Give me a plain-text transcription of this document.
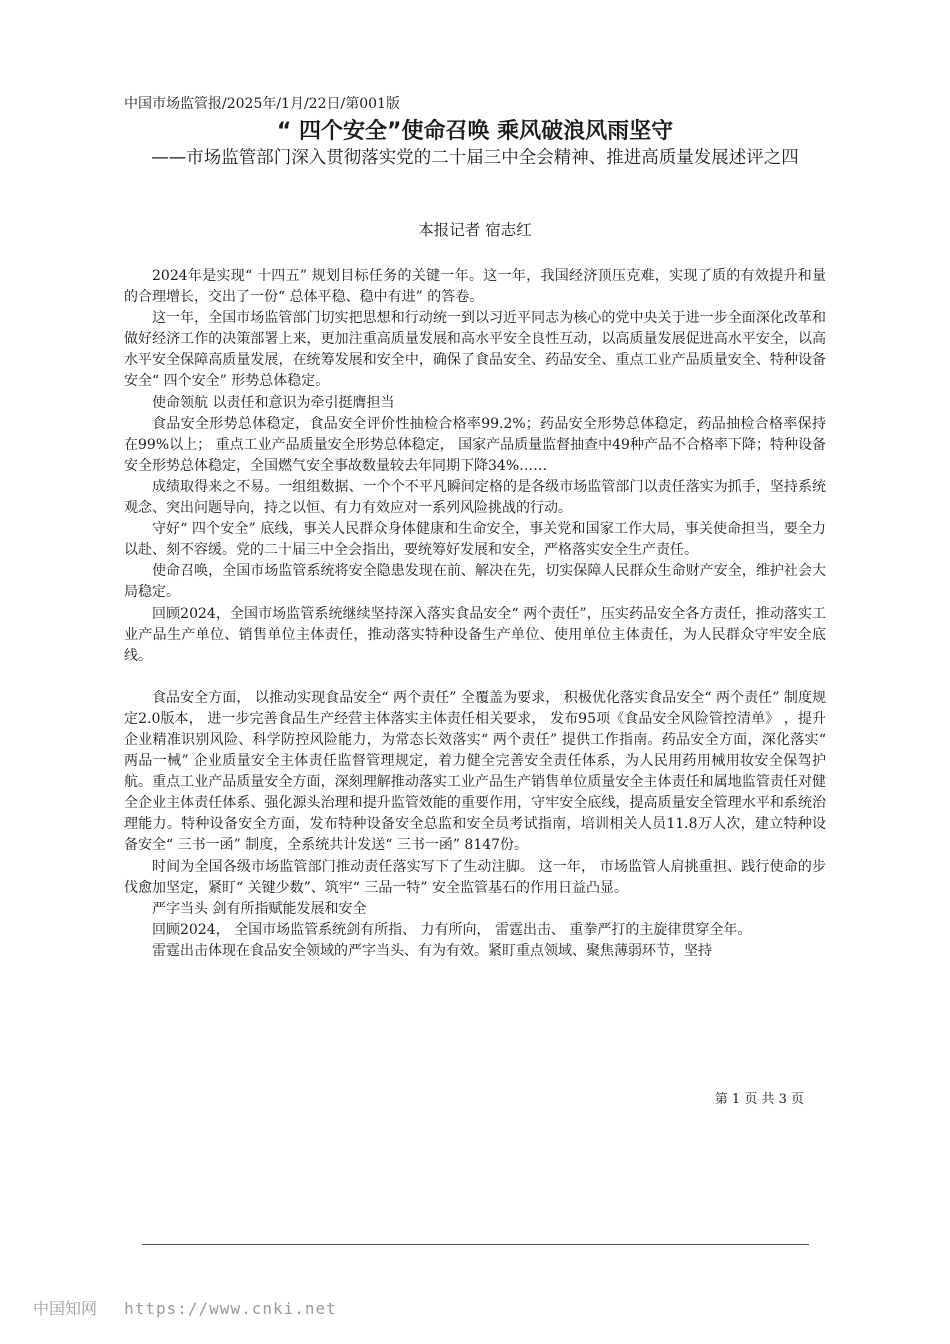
中国市场监管报/2025年/1月/22日/第001版
“ 四个安全”使命召唤 乘风破浪风雨坚守
——市场监管部门深入贯彻落实党的二十届三中全会精神、推进高质量发展述评之四
本报记者 宿志红

2024年是实现“ 十四五” 规划目标任务的关键一年。这一年，我国经济顶压克难，实现了质的有效提升和量的合理增长，交出了一份“ 总体平稳、稳中有进” 的答卷。

这一年，全国市场监管部门切实把思想和行动统一到以习近平同志为核心的党中央关于进一步全面深化改革和做好经济工作的决策部署上来，更加注重高质量发展和高水平安全良性互动，以高质量发展促进高水平安全，以高水平安全保障高质量发展，在统筹发展和安全中，确保了食品安全、药品安全、重点工业产品质量安全、特种设备安全“ 四个安全” 形势总体稳定。

使命领航 以责任和意识为牵引挺膺担当

食品安全形势总体稳定，食品安全评价性抽检合格率99.2%；药品安全形势总体稳定，药品抽检合格率保持在99%以上； 重点工业产品质量安全形势总体稳定， 国家产品质量监督抽查中49种产品不合格率下降；特种设备安全形势总体稳定，全国燃气安全事故数量较去年同期下降34%……

成绩取得来之不易。一组组数据、一个个不平凡瞬间定格的是各级市场监管部门以责任落实为抓手，坚持系统观念、突出问题导向，持之以恒、有力有效应对一系列风险挑战的行动。

守好“ 四个安全” 底线，事关人民群众身体健康和生命安全，事关党和国家工作大局，事关使命担当，要全力以赴、刻不容缓。党的二十届三中全会指出，要统筹好发展和安全，严格落实安全生产责任。

使命召唤，全国市场监管系统将安全隐患发现在前、解决在先，切实保障人民群众生命财产安全，维护社会大局稳定。

回顾2024，全国市场监管系统继续坚持深入落实食品安全“ 两个责任”，压实药品安全各方责任，推动落实工业产品生产单位、销售单位主体责任，推动落实特种设备生产单位、使用单位主体责任，为人民群众守牢安全底线。

食品安全方面， 以推动实现食品安全“ 两个责任” 全覆盖为要求， 积极优化落实食品安全“ 两个责任” 制度规定2.0版本， 进一步完善食品生产经营主体落实主体责任相关要求， 发布95项《食品安全风险管控清单》 ，提升企业精准识别风险、科学防控风险能力，为常态长效落实“ 两个责任” 提供工作指南。药品安全方面，深化落实“ 两品一械” 企业质量安全主体责任监督管理规定，着力健全完善安全责任体系，为人民用药用械用妆安全保驾护航。重点工业产品质量安全方面，深刻理解推动落实工业产品生产销售单位质量安全主体责任和属地监管责任对健全企业主体责任体系、强化源头治理和提升监管效能的重要作用，守牢安全底线，提高质量安全管理水平和系统治理能力。特种设备安全方面，发布特种设备安全总监和安全员考试指南，培训相关人员11.8万人次，建立特种设备安全“ 三书一函” 制度，全系统共计发送“ 三书一函” 8147份。

时间为全国各级市场监管部门推动责任落实写下了生动注脚。 这一年， 市场监管人肩挑重担、践行使命的步伐愈加坚定，紧盯“ 关键少数”、筑牢“ 三品一特” 安全监管基石的作用日益凸显。

严字当头 剑有所指赋能发展和安全

回顾2024， 全国市场监管系统剑有所指、 力有所向， 雷霆出击、 重拳严打的主旋律贯穿全年。

雷霆出击体现在食品安全领域的严字当头、有为有效。紧盯重点领域、聚焦薄弱环节，坚持

第 1 页 共 3 页
中国知网 https://www.cnki.net
